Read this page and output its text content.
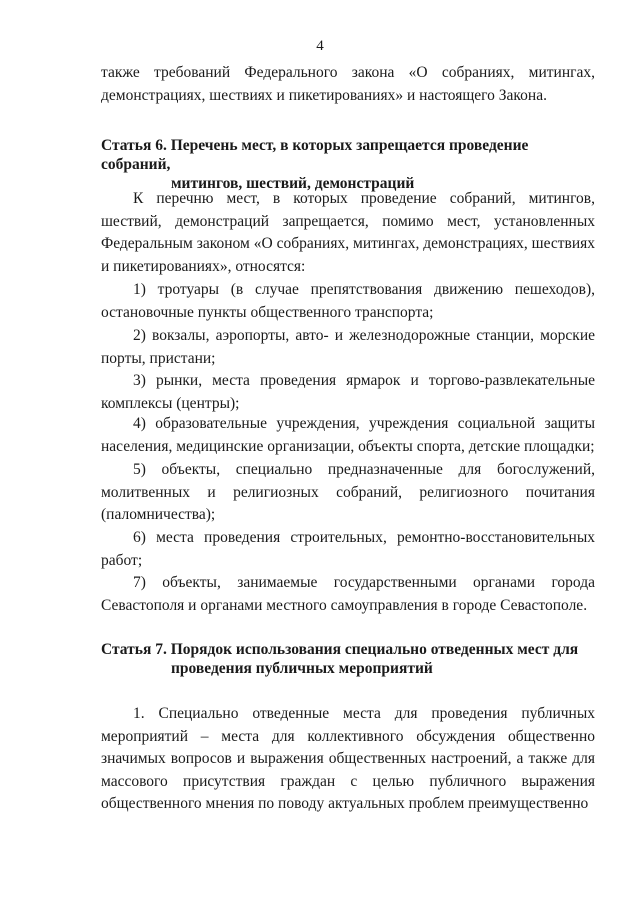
4

также требований Федерального закона «О собраниях, митингах, демонстрациях, шествиях и пикетированиях» и настоящего Закона.

Статья 6. Перечень мест, в которых запрещается проведение собраний,
митингов, шествий, демонстраций

К перечню мест, в которых проведение собраний, митингов, шествий, демонстраций запрещается, помимо мест, установленных Федеральным законом «О собраниях, митингах, демонстрациях, шествиях и пикетированиях», относятся:

1) тротуары (в случае препятствования движению пешеходов), остановочные пункты общественного транспорта;

2) вокзалы, аэропорты, авто- и железнодорожные станции, морские порты, пристани;

3) рынки, места проведения ярмарок и торгово-развлекательные комплексы (центры);

4) образовательные учреждения, учреждения социальной защиты населения, медицинские организации, объекты спорта, детские площадки;

5) объекты, специально предназначенные для богослужений, молитвенных и религиозных собраний, религиозного почитания (паломничества);

6) места проведения строительных, ремонтно-восстановительных работ;

7) объекты, занимаемые государственными органами города Севастополя и органами местного самоуправления в городе Севастополе.

Статья 7. Порядок использования специально отведенных мест для
проведения публичных мероприятий

1. Специально отведенные места для проведения публичных мероприятий – места для коллективного обсуждения общественно значимых вопросов и выражения общественных настроений, а также для массового присутствия граждан с целью публичного выражения общественного мнения по поводу актуальных проблем преимущественно
